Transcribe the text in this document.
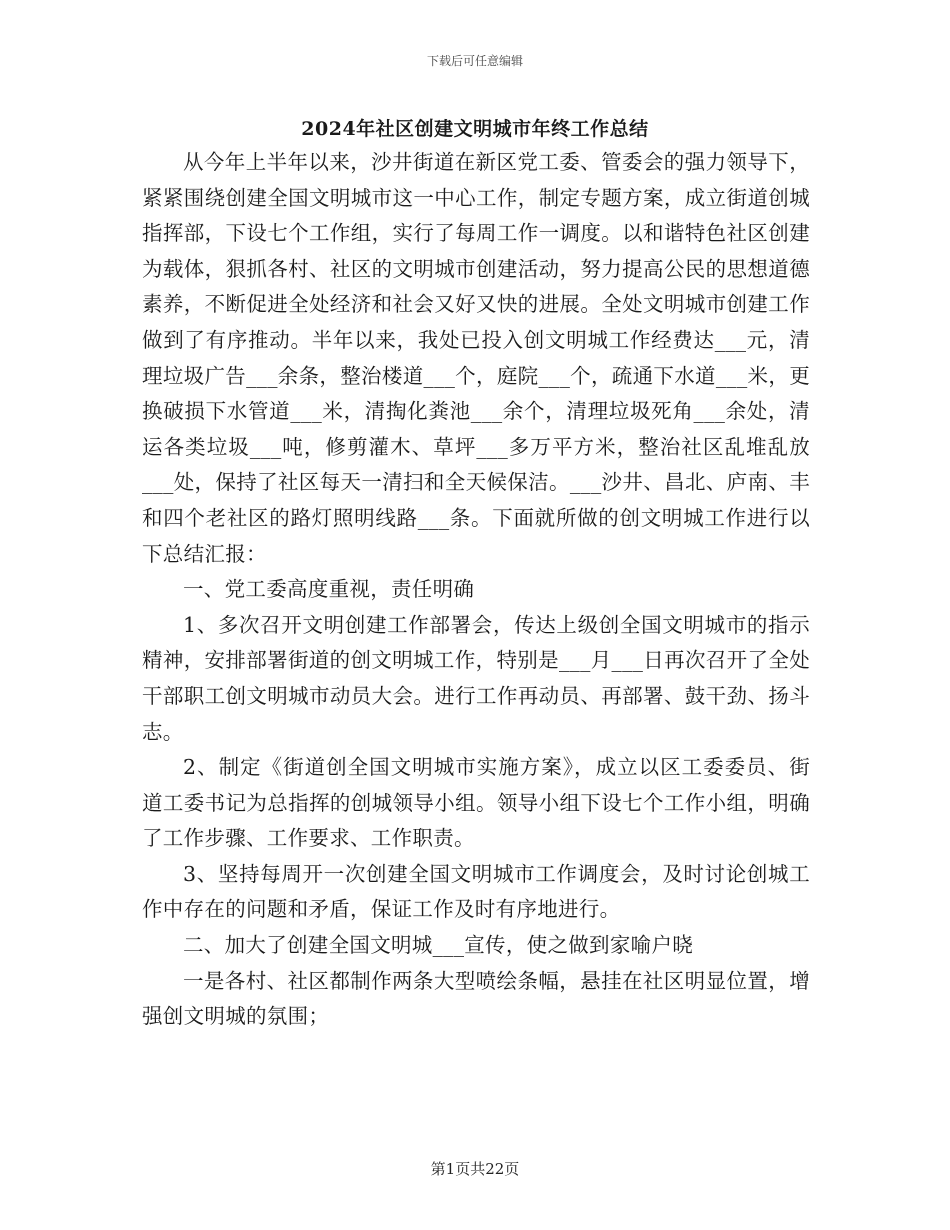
下载后可任意编辑
2024年社区创建文明城市年终工作总结

从今年上半年以来，沙井街道在新区党工委、管委会的强力领导下，紧紧围绕创建全国文明城市这一中心工作，制定专题方案，成立街道创城指挥部，下设七个工作组，实行了每周工作一调度。以和谐特色社区创建为载体，狠抓各村、社区的文明城市创建活动，努力提高公民的思想道德素养，不断促进全处经济和社会又好又快的进展。全处文明城市创建工作做到了有序推动。半年以来，我处已投入创文明城工作经费达___元，清理垃圾广告___余条，整治楼道___个，庭院___个，疏通下水道___米，更换破损下水管道___米，清掏化粪池___余个，清理垃圾死角___余处，清运各类垃圾___吨，修剪灌木、草坪___多万平方米，整治社区乱堆乱放___处，保持了社区每天一清扫和全天候保洁。___沙井、昌北、庐南、丰和四个老社区的路灯照明线路___条。下面就所做的创文明城工作进行以下总结汇报：

一、党工委高度重视，责任明确

1、多次召开文明创建工作部署会，传达上级创全国文明城市的指示精神，安排部署街道的创文明城工作，特别是___月___日再次召开了全处干部职工创文明城市动员大会。进行工作再动员、再部署、鼓干劲、扬斗志。

2、制定《街道创全国文明城市实施方案》，成立以区工委委员、街道工委书记为总指挥的创城领导小组。领导小组下设七个工作小组，明确了工作步骤、工作要求、工作职责。

3、坚持每周开一次创建全国文明城市工作调度会，及时讨论创城工作中存在的问题和矛盾，保证工作及时有序地进行。

二、加大了创建全国文明城___宣传，使之做到家喻户晓

一是各村、社区都制作两条大型喷绘条幅，悬挂在社区明显位置，增强创文明城的氛围；

第1页共22页
